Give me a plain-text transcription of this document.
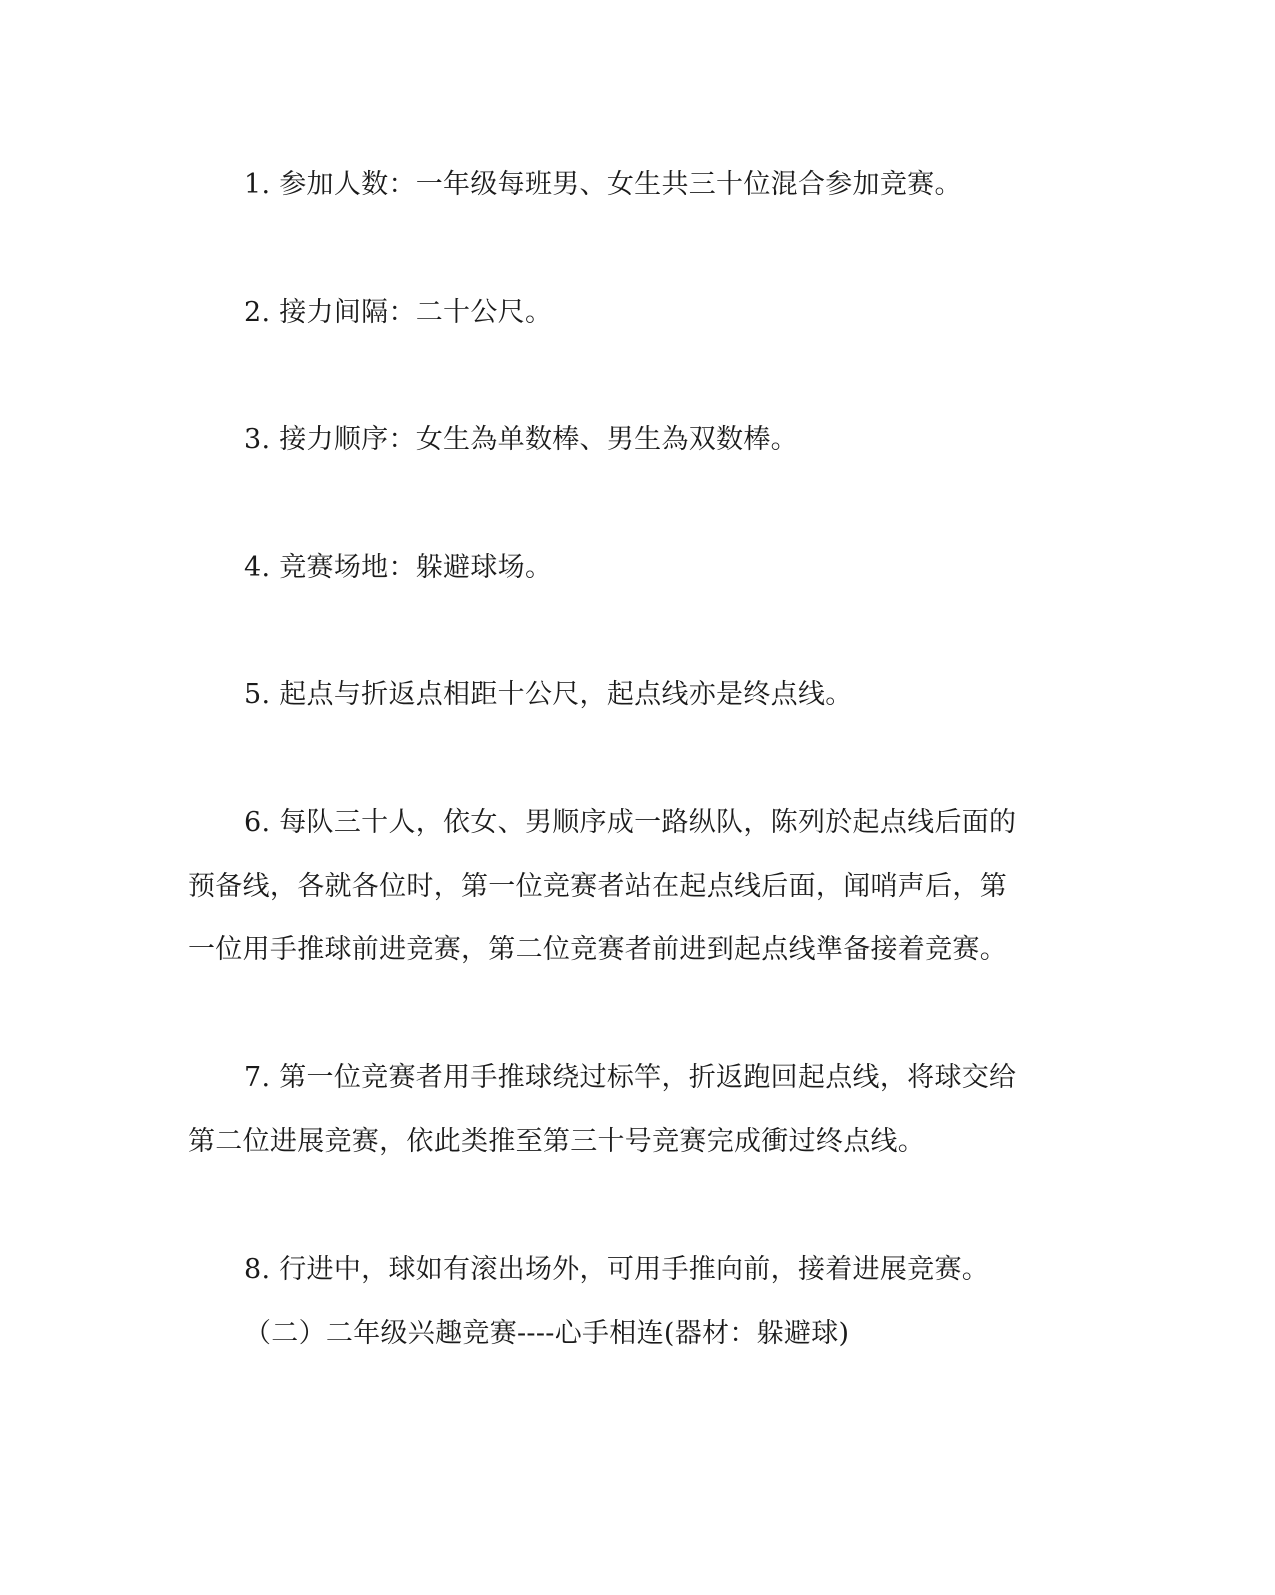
1. 参加人数：一年级每班男、女生共三十位混合参加竞赛。
2. 接力间隔：二十公尺。
3. 接力顺序：女生為单数棒、男生為双数棒。
4. 竞赛场地：躲避球场。
5. 起点与折返点相距十公尺，起点线亦是终点线。
6. 每队三十人，依女、男顺序成一路纵队，陈列於起点线后面的
预备线，各就各位时，第一位竞赛者站在起点线后面，闻哨声后，第
一位用手推球前进竞赛，第二位竞赛者前进到起点线準备接着竞赛。
7. 第一位竞赛者用手推球绕过标竿，折返跑回起点线，将球交给
第二位进展竞赛，依此类推至第三十号竞赛完成衝过终点线。
8. 行进中，球如有滚出场外，可用手推向前，接着进展竞赛。
（二）二年级兴趣竞赛----心手相连(器材：躲避球)
